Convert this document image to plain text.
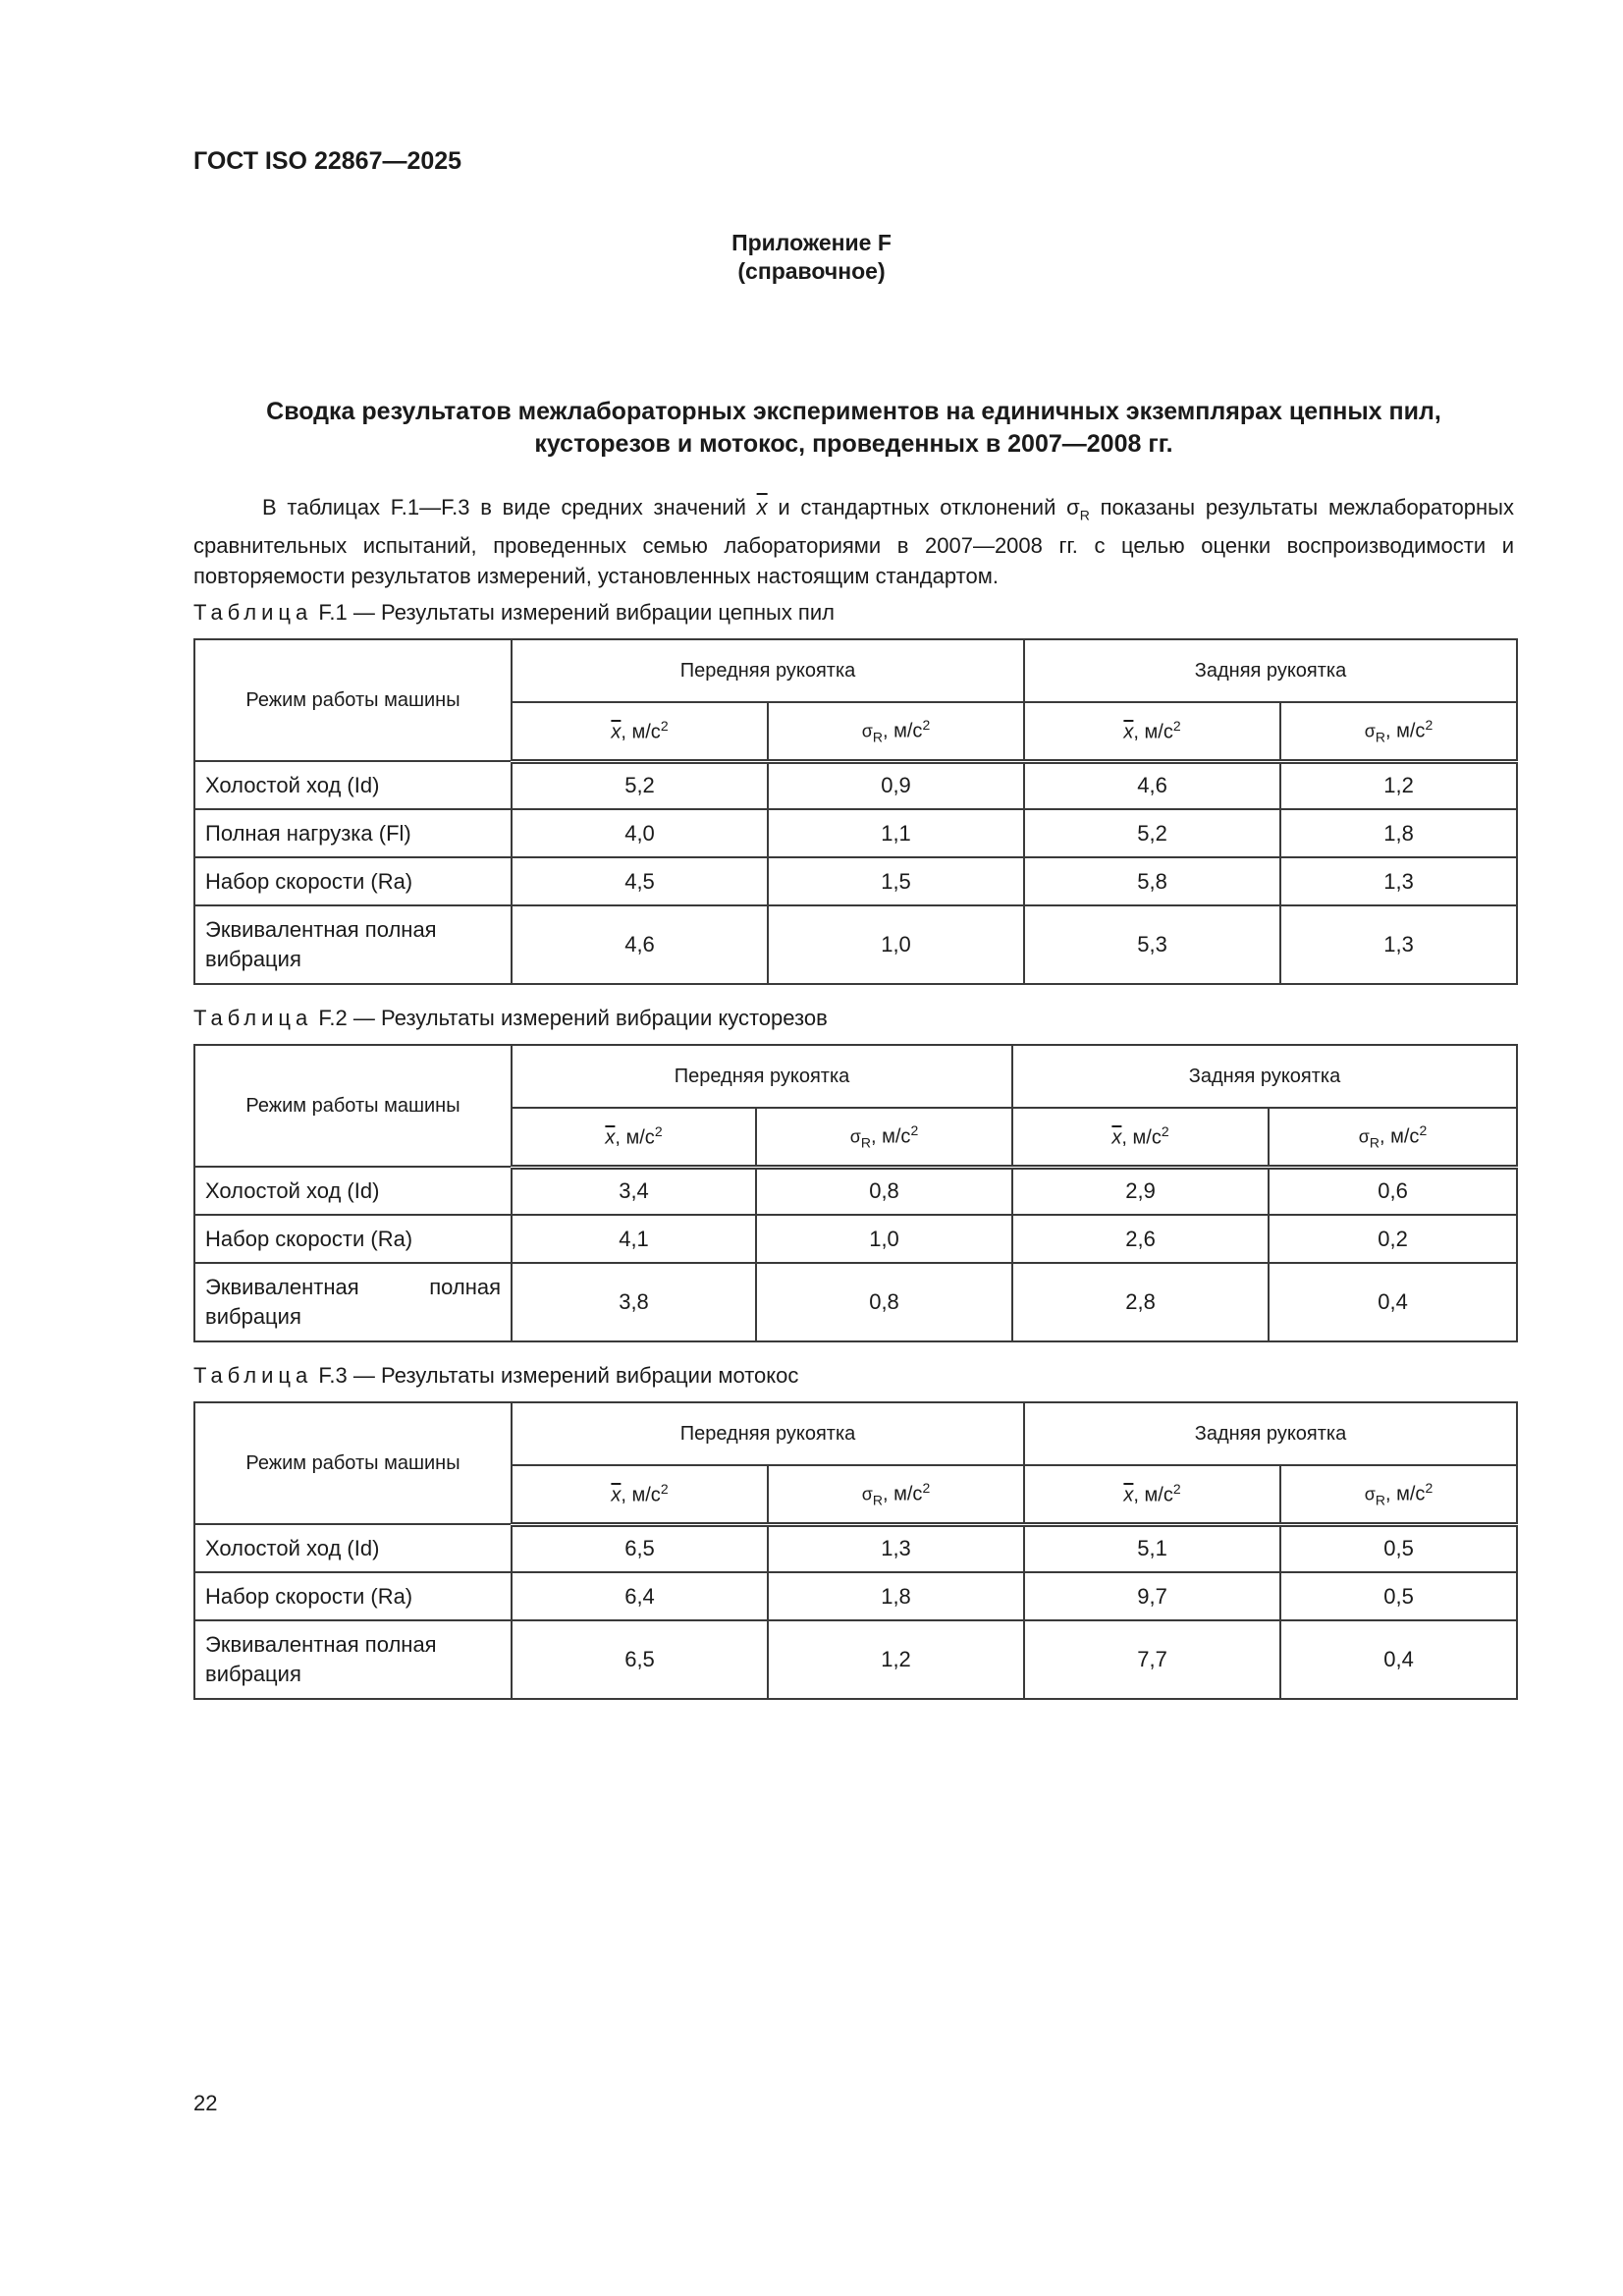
ГОСТ ISO 22867—2025
Приложение F
(справочное)
Сводка результатов межлабораторных экспериментов на единичных экземплярах цепных пил,
кусторезов и мотокос, проведенных в 2007—2008 гг.

В таблицах F.1—F.3 в виде средних значений $\overline{x}$ и стандартных отклонений $\sigma_R$ показаны результаты межлабораторных сравнительных испытаний, проведенных семью лабораториями в 2007—2008 гг. с целью оценки воспроизводимости и повторяемости результатов измерений, установленных настоящим стандартом.

Таблица F.1 — Результаты измерений вибрации цепных пил
Режим работы машины	Передняя рукоятка		Задняя рукоятка	
	$\overline{x}$, $м/с^2$	$\sigma_R$, $м/с^2$	$\overline{x}$, $м/с^2$	$\sigma_R$, $м/с^2$
Холостой ход (Id)	5,2	0,9	4,6	1,2
Полная нагрузка (Fl)	4,0	1,1	5,2	1,8
Набор скорости (Ra)	4,5	1,5	5,8	1,3
Эквивалентная полная вибрация	4,6	1,0	5,3	1,3
Таблица F.2 — Результаты измерений вибрации кусторезов
Режим работы машины	Передняя рукоятка		Задняя рукоятка	
	$\overline{x}$, $м/с^2$	$\sigma_R$, $м/с^2$	$\overline{x}$, $м/с^2$	$\sigma_R$, $м/с^2$
Холостой ход (Id)	3,4	0,8	2,9	0,6
Набор скорости (Ra)	4,1	1,0	2,6	0,2
Эквивалентная полная вибрация	3,8	0,8	2,8	0,4
Таблица F.3 — Результаты измерений вибрации мотокос
Режим работы машины	Передняя рукоятка		Задняя рукоятка	
	$\overline{x}$, $м/с^2$	$\sigma_R$, $м/с^2$	$\overline{x}$, $м/с^2$	$\sigma_R$, $м/с^2$
Холостой ход (Id)	6,5	1,3	5,1	0,5
Набор скорости (Ra)	6,4	1,8	9,7	0,5
Эквивалентная полная вибрация	6,5	1,2	7,7	0,4
22
